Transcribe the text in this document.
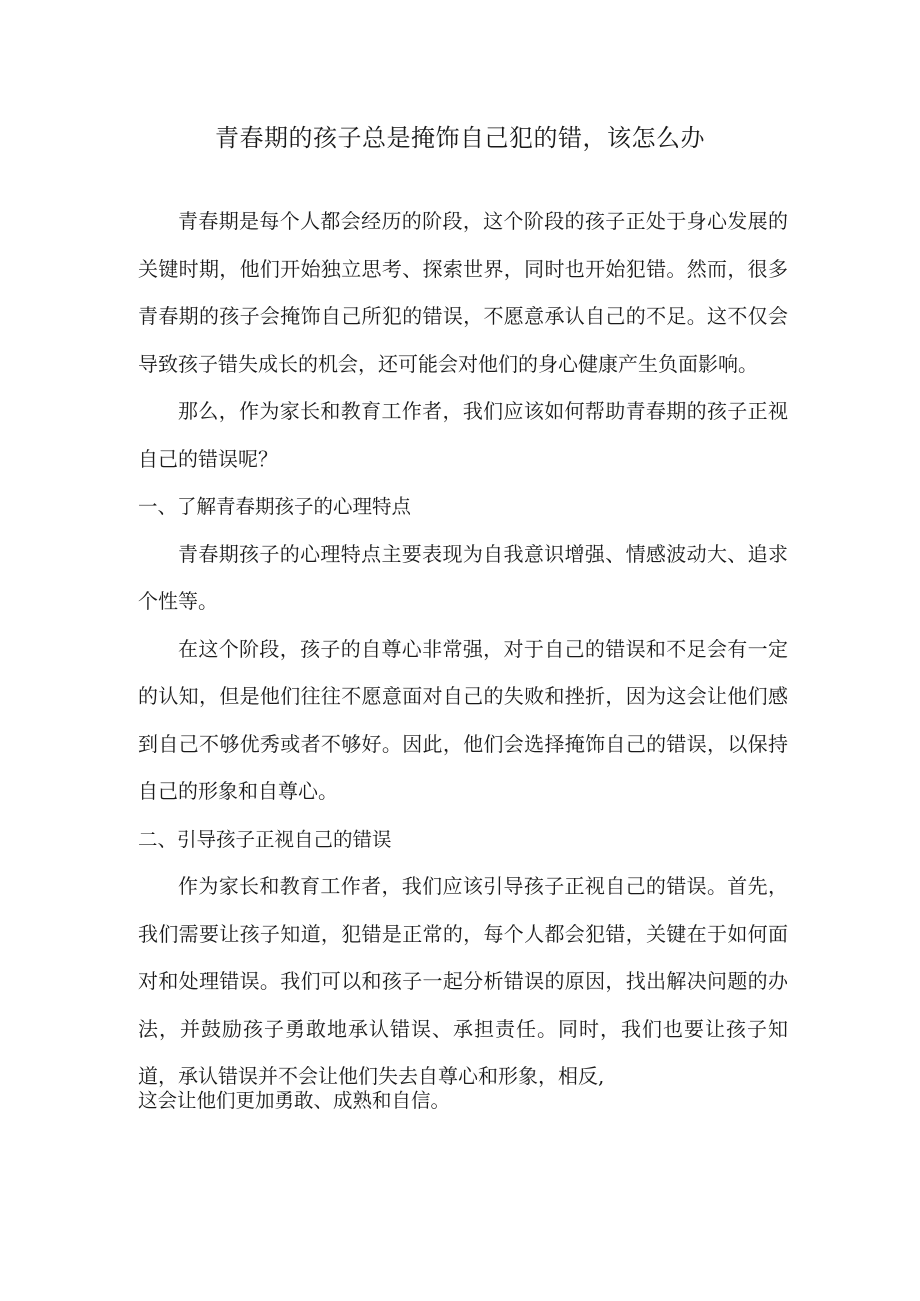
青春期的孩子总是掩饰自己犯的错，该怎么办

青春期是每个人都会经历的阶段，这个阶段的孩子正处于身心发展的关键时期，他们开始独立思考、探索世界，同时也开始犯错。然而，很多青春期的孩子会掩饰自己所犯的错误，不愿意承认自己的不足。这不仅会导致孩子错失成长的机会，还可能会对他们的身心健康产生负面影响。

那么，作为家长和教育工作者，我们应该如何帮助青春期的孩子正视自己的错误呢？

一、了解青春期孩子的心理特点

青春期孩子的心理特点主要表现为自我意识增强、情感波动大、追求个性等。

在这个阶段，孩子的自尊心非常强，对于自己的错误和不足会有一定的认知，但是他们往往不愿意面对自己的失败和挫折，因为这会让他们感到自己不够优秀或者不够好。因此，他们会选择掩饰自己的错误，以保持自己的形象和自尊心。

二、引导孩子正视自己的错误

作为家长和教育工作者，我们应该引导孩子正视自己的错误。首先，我们需要让孩子知道，犯错是正常的，每个人都会犯错，关键在于如何面对和处理错误。我们可以和孩子一起分析错误的原因，找出解决问题的办法，并鼓励孩子勇敢地承认错误、承担责任。同时，我们也要让孩子知道，承认错误并不会让他们失去自尊心和形象，相反,

这会让他们更加勇敢、成熟和自信。
